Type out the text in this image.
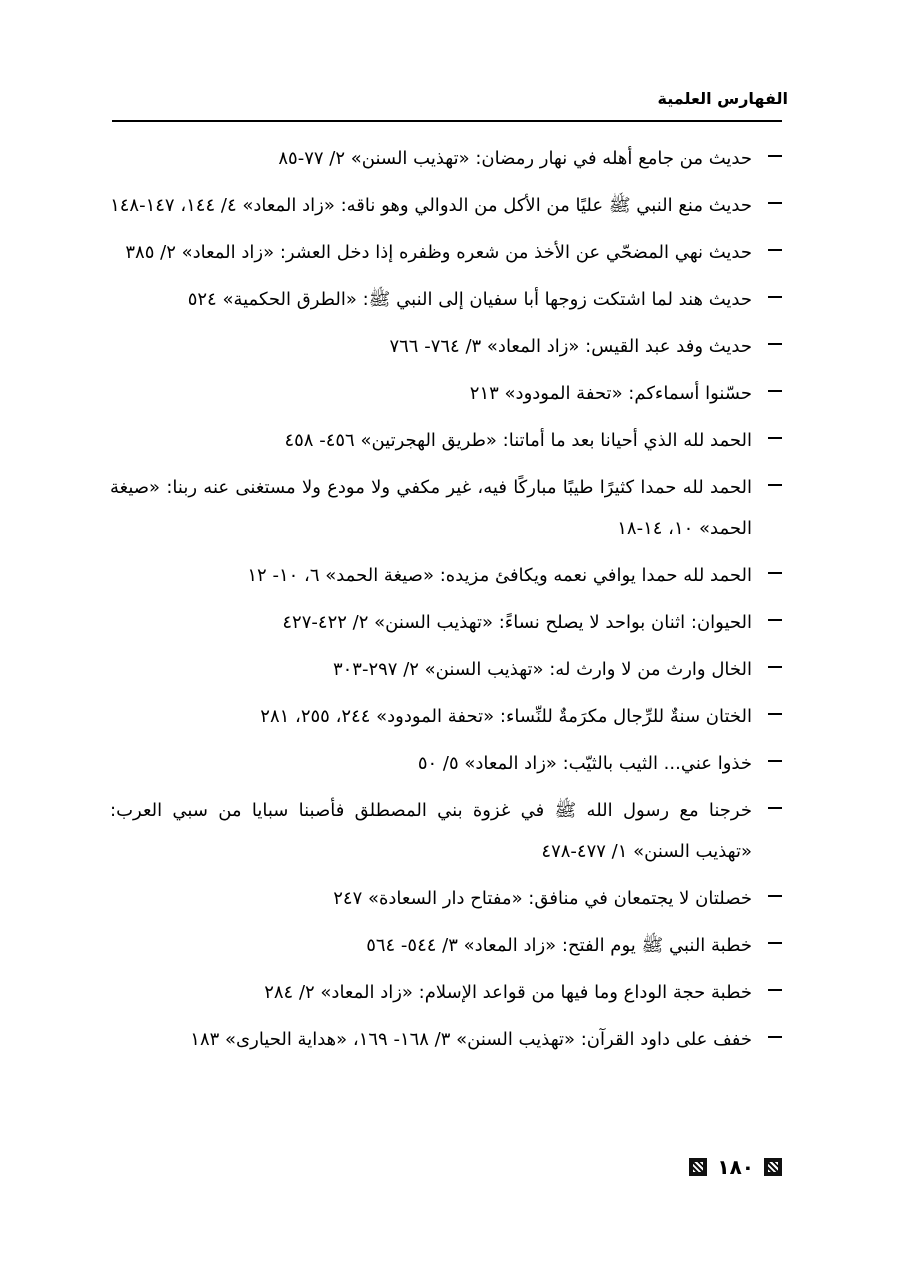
الفهارس العلمية
حديث من جامع أهله في نهار رمضان: «تهذيب السنن» ٢/ ٧٧-٨٥
حديث منع النبي ﷺ عليًا من الأكل من الدوالي وهو ناقه: «زاد المعاد» ٤/ ١٤٤، ١٤٧-١٤٨
حديث نهي المضحّي عن الأخذ من شعره وظفره إذا دخل العشر: «زاد المعاد» ٢/ ٣٨٥
حديث هند لما اشتكت زوجها أبا سفيان إلى النبي ﷺ: «الطرق الحكمية» ٥٢٤
حديث وفد عبد القيس: «زاد المعاد» ٣/ ٧٦٤- ٧٦٦
حسّنوا أسماءكم: «تحفة المودود» ٢١٣
الحمد لله الذي أحيانا بعد ما أماتنا: «طريق الهجرتين» ٤٥٦- ٤٥٨
الحمد لله حمدا كثيرًا طيبًا مباركًا فيه، غير مكفي ولا مودع ولا مستغنى عنه ربنا: «صيغة الحمد» ١٠، ١٤-١٨
الحمد لله حمدا يوافي نعمه ويكافئ مزيده: «صيغة الحمد» ٦، ١٠- ١٢
الحيوان: اثنان بواحد لا يصلح نساءً: «تهذيب السنن» ٢/ ٤٢٢-٤٢٧
الخال وارث من لا وارث له: «تهذيب السنن» ٢/ ٢٩٧-٣٠٣
الختان سنةٌ للرِّجال مكرَمةٌ للنِّساء: «تحفة المودود» ٢٤٤، ٢٥٥، ٢٨١
خذوا عني... الثيب بالثيّب: «زاد المعاد» ٥/ ٥٠
خرجنا مع رسول الله ﷺ في غزوة بني المصطلق فأصبنا سبايا من سبي العرب: «تهذيب السنن» ١/ ٤٧٧-٤٧٨
خصلتان لا يجتمعان في منافق: «مفتاح دار السعادة» ٢٤٧
خطبة النبي ﷺ يوم الفتح: «زاد المعاد» ٣/ ٥٤٤- ٥٦٤
خطبة حجة الوداع وما فيها من قواعد الإسلام: «زاد المعاد» ٢/ ٢٨٤
خفف على داود القرآن: «تهذيب السنن» ٣/ ١٦٨- ١٦٩، «هداية الحيارى» ١٨٣
١٨٠
